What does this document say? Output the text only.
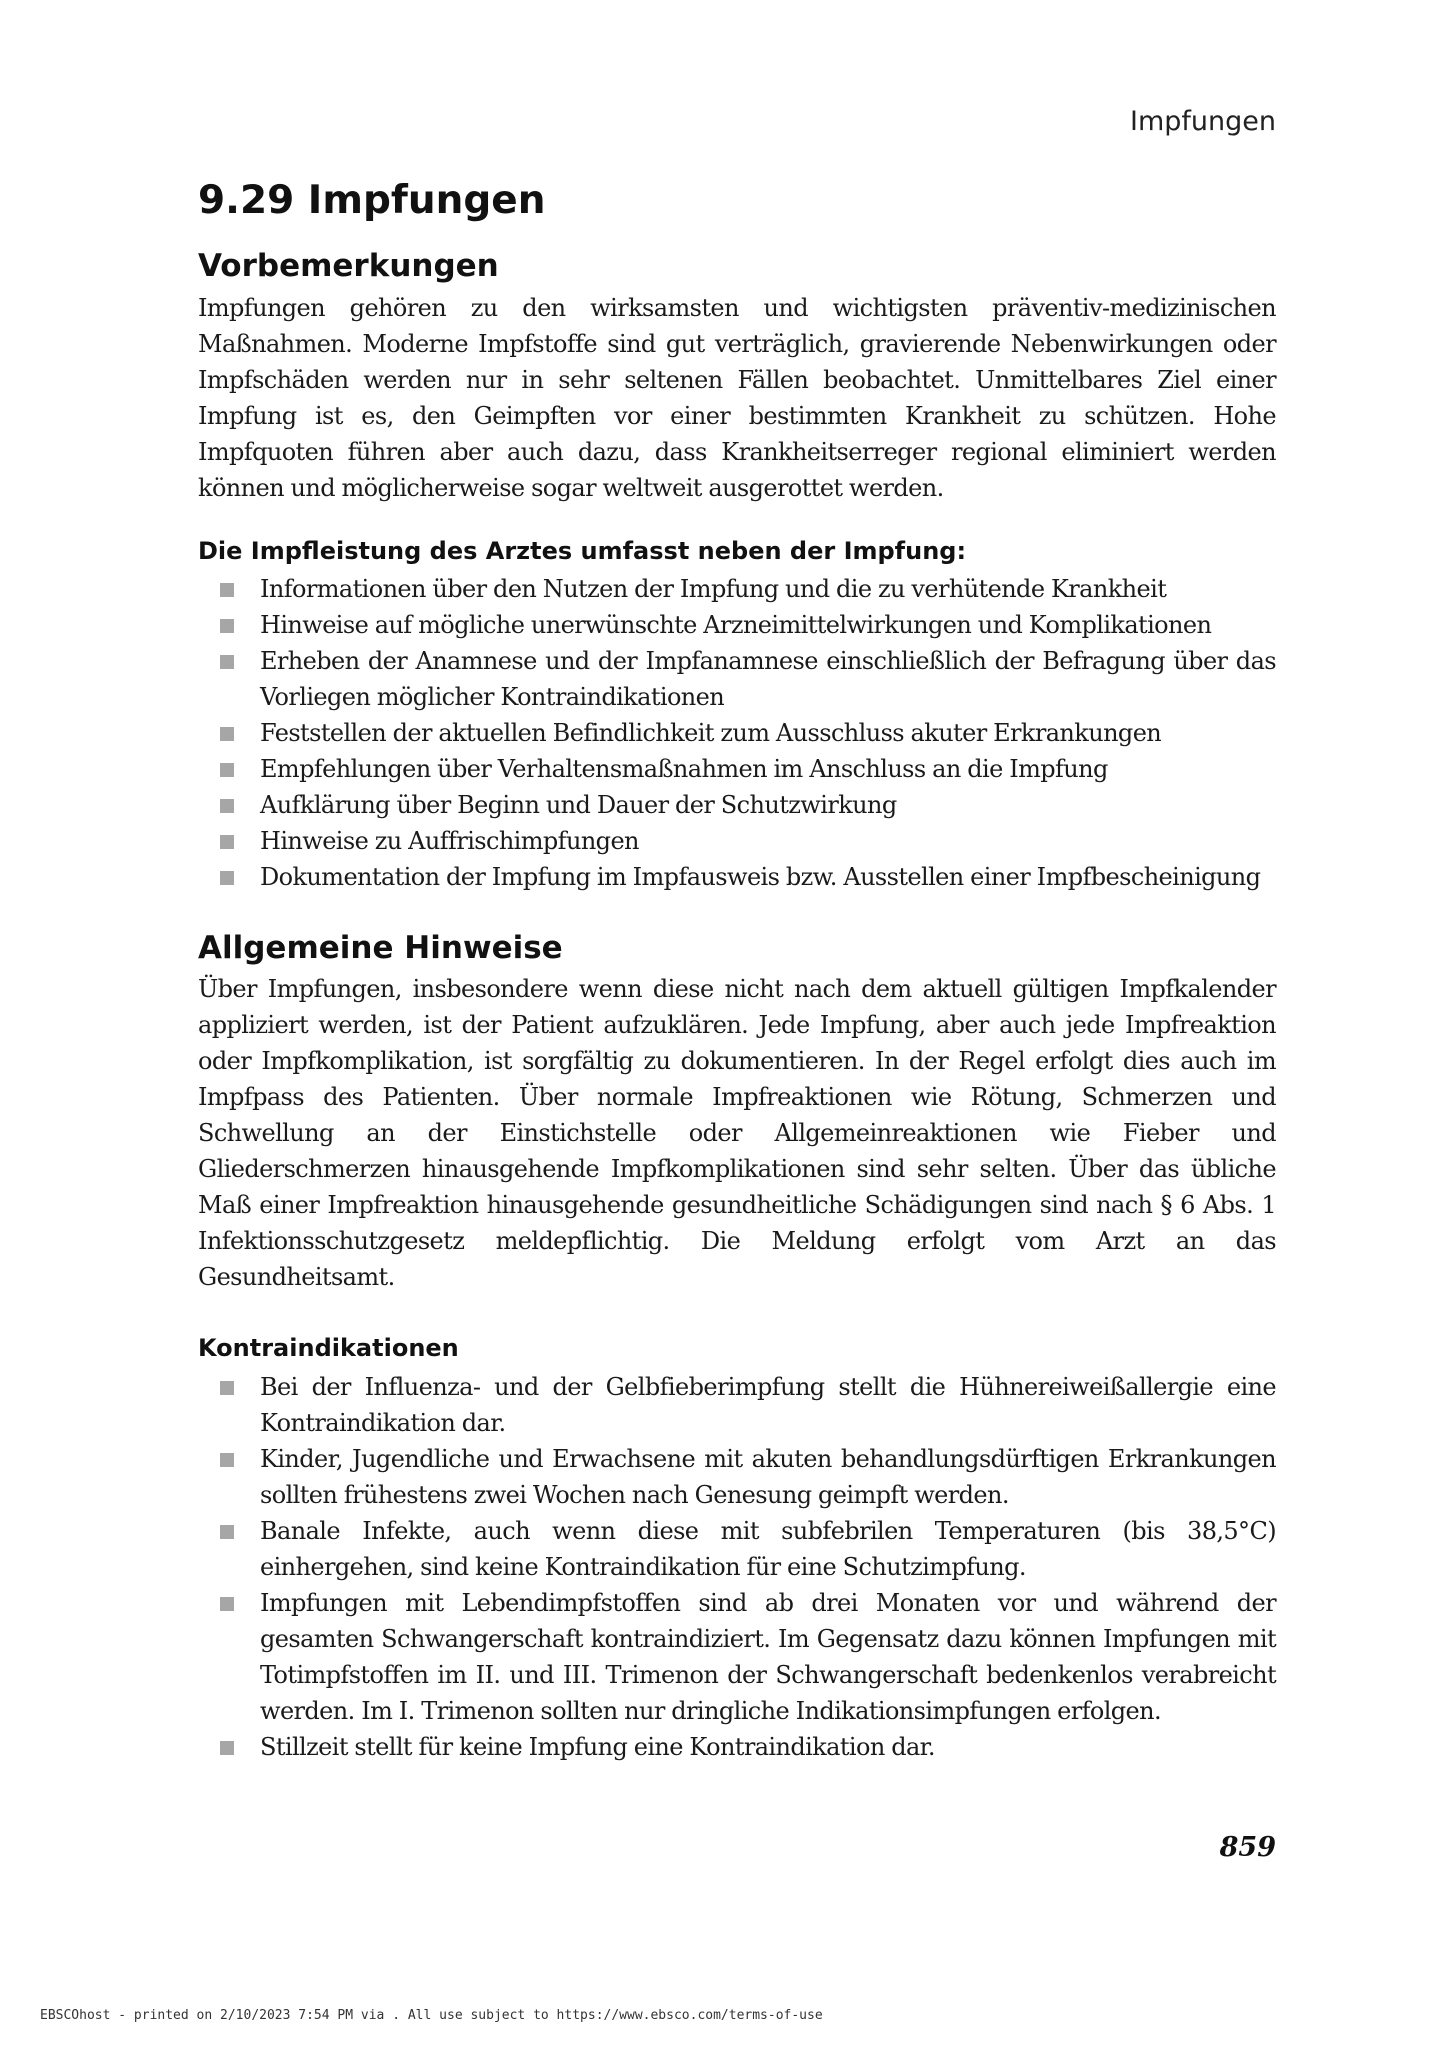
Impfungen
9.29 Impfungen
Vorbemerkungen

Impfungen gehören zu den wirksamsten und wichtigsten präventiv-medizinischen Maßnahmen. Moderne Impfstoffe sind gut verträglich, gravierende Nebenwirkungen oder Impfschäden werden nur in sehr seltenen Fällen beobachtet. Unmittelbares Ziel einer Impfung ist es, den Geimpften vor einer bestimmten Krankheit zu schützen. Hohe Impfquoten führen aber auch dazu, dass Krankheitserreger regional eliminiert werden können und möglicherweise sogar weltweit ausgerottet werden.

Die Impfleistung des Arztes umfasst neben der Impfung:
Informationen über den Nutzen der Impfung und die zu verhütende Krankheit
Hinweise auf mögliche unerwünschte Arzneimittelwirkungen und Komplikationen
Erheben der Anamnese und der Impfanamnese einschließlich der Befragung über das Vorliegen möglicher Kontraindikationen
Feststellen der aktuellen Befindlichkeit zum Ausschluss akuter Erkrankungen
Empfehlungen über Verhaltensmaßnahmen im Anschluss an die Impfung
Aufklärung über Beginn und Dauer der Schutzwirkung
Hinweise zu Auffrischimpfungen
Dokumentation der Impfung im Impfausweis bzw. Ausstellen einer Impfbescheinigung
Allgemeine Hinweise

Über Impfungen, insbesondere wenn diese nicht nach dem aktuell gültigen Impfkalender appliziert werden, ist der Patient aufzuklären. Jede Impfung, aber auch jede Impfreaktion oder Impfkomplikation, ist sorgfältig zu dokumentieren. In der Regel erfolgt dies auch im Impfpass des Patienten. Über normale Impfreaktionen wie Rötung, Schmerzen und Schwellung an der Einstichstelle oder Allgemeinreaktionen wie Fieber und Gliederschmerzen hinausgehende Impfkomplikationen sind sehr selten. Über das übliche Maß einer Impfreaktion hinausgehende gesundheitliche Schädigungen sind nach § 6 Abs. 1 Infektionsschutzgesetz meldepflichtig. Die Meldung erfolgt vom Arzt an das Gesundheitsamt.

Kontraindikationen
Bei der Influenza- und der Gelbfieberimpfung stellt die Hühnereiweißallergie eine Kontraindikation dar.
Kinder, Jugendliche und Erwachsene mit akuten behandlungsdürftigen Erkrankungen sollten frühestens zwei Wochen nach Genesung geimpft werden.
Banale Infekte, auch wenn diese mit subfebrilen Temperaturen (bis 38,5°C) einhergehen, sind keine Kontraindikation für eine Schutzimpfung.
Impfungen mit Lebendimpfstoffen sind ab drei Monaten vor und während der gesamten Schwangerschaft kontraindiziert. Im Gegensatz dazu können Impfungen mit Totimpfstoffen im II. und III. Trimenon der Schwangerschaft bedenkenlos verabreicht werden. Im I. Trimenon sollten nur dringliche Indikationsimpfungen erfolgen.
Stillzeit stellt für keine Impfung eine Kontraindikation dar.
859
EBSCOhost - printed on 2/10/2023 7:54 PM via . All use subject to https://www.ebsco.com/terms-of-use
